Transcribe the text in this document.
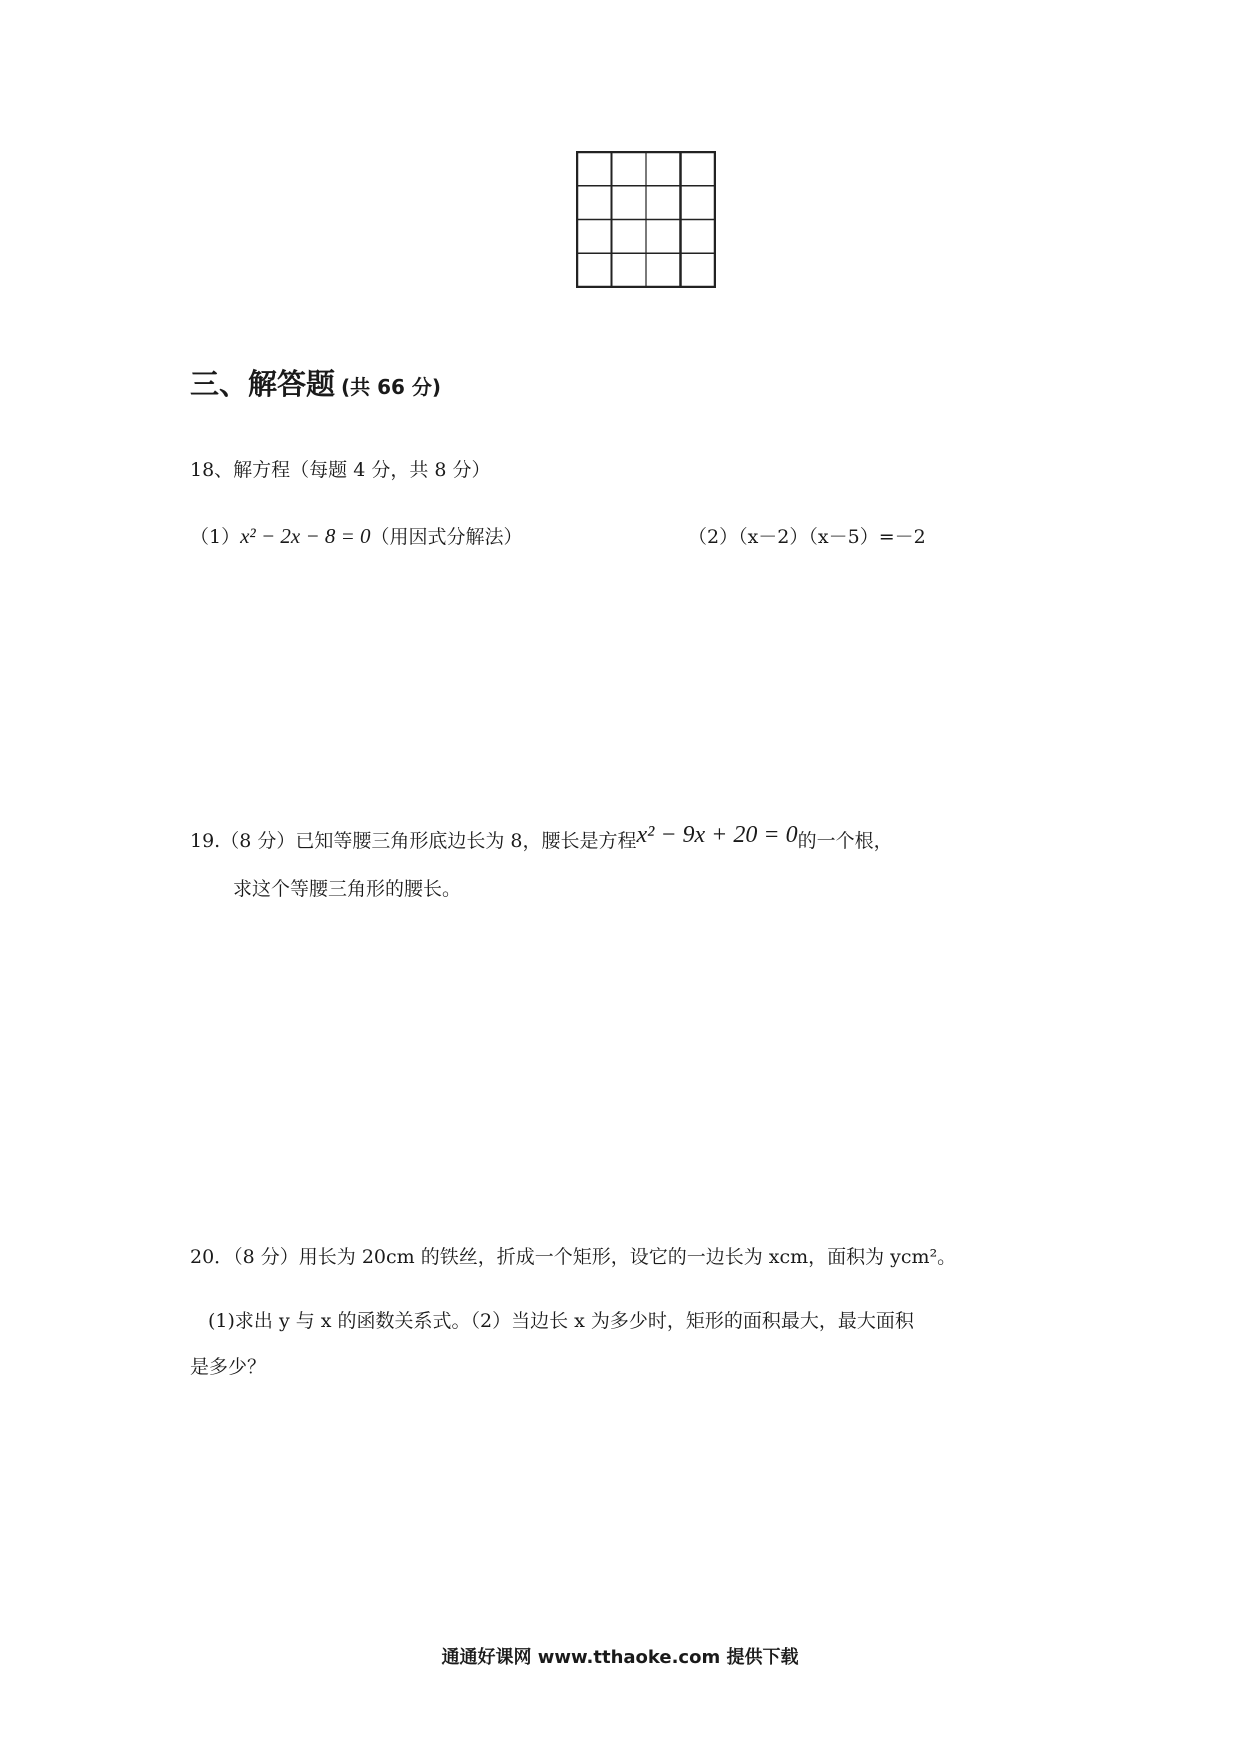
三、解答题 (共 66 分)
18、解方程（每题 4 分，共 8 分）
（1）x² − 2x − 8 = 0（用因式分解法）	（2）（x－2）（x－5）=－2
19.（8 分）已知等腰三角形底边长为 8，腰长是方程x² − 9x + 20 = 0的一个根，
求这个等腰三角形的腰长。
20．（8 分）用长为 20cm 的铁丝，折成一个矩形，设它的一边长为 xcm，面积为 ycm²。
(1)求出 y 与 x 的函数关系式。（2）当边长 x 为多少时，矩形的面积最大，最大面积
是多少？
通通好课网 www.tthaoke.com 提供下载
